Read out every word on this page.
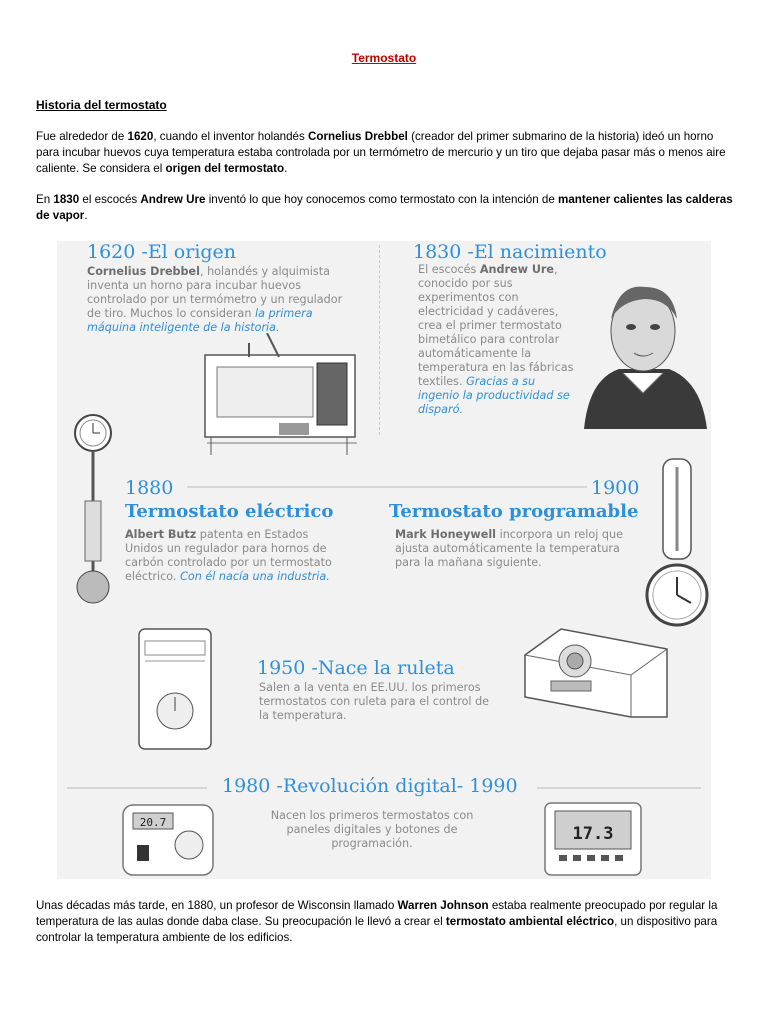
Termostato
Historia del termostato
Fue alrededor de 1620, cuando el inventor holandés Cornelius Drebbel (creador del primer submarino de la historia) ideó un horno para incubar huevos cuya temperatura estaba controlada por un termómetro de mercurio y un tiro que dejaba pasar más o menos aire caliente. Se considera el origen del termostato.
En 1830 el escocés Andrew Ure inventó lo que hoy conocemos como termostato con la intención de mantener calientes las calderas de vapor.
1620 -El origen
Cornelius Drebbel, holandés y alquimista inventa un horno para incubar huevos controlado por un termómetro y un regulador de tiro. Muchos lo consideran la primera máquina inteligente de la historia.
1830 -El nacimiento
El escocés Andrew Ure, conocido por sus experimentos con electricidad y cadáveres, crea el primer termostato bimetálico para controlar automáticamente la temperatura en las fábricas textiles. Gracias a su ingenio la productividad se disparó.
1880
Termostato eléctrico
Albert Butz patenta en Estados Unidos un regulador para hornos de carbón controlado por un termostato eléctrico. Con él nacía una industria.
1900
Termostato programable
Mark Honeywell incorpora un reloj que ajusta automáticamente la temperatura para la mañana siguiente.
1950 -Nace la ruleta
Salen a la venta en EE.UU. los primeros termostatos con ruleta para el control de la temperatura.
1980 -Revolución digital- 1990
Nacen los primeros termostatos con paneles digitales y botones de programación.
20.7
17.3
Unas décadas más tarde, en 1880, un profesor de Wisconsin llamado Warren Johnson estaba realmente preocupado por regular la temperatura de las aulas donde daba clase. Su preocupación le llevó a crear el termostato ambiental eléctrico, un dispositivo para controlar la temperatura ambiente de los edificios.
